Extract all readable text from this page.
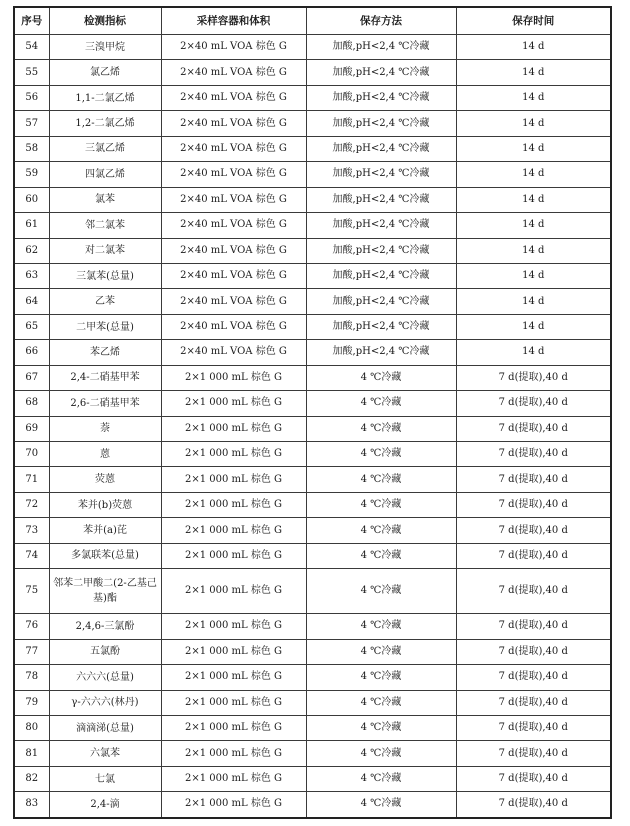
序号	检测指标	采样容器和体积	保存方法	保存时间
54	三溴甲烷	2×40 mL VOA 棕色 G	加酸,pH<2,4 ℃冷藏	14 d
55	氯乙烯	2×40 mL VOA 棕色 G	加酸,pH<2,4 ℃冷藏	14 d
56	1,1-二氯乙烯	2×40 mL VOA 棕色 G	加酸,pH<2,4 ℃冷藏	14 d
57	1,2-二氯乙烯	2×40 mL VOA 棕色 G	加酸,pH<2,4 ℃冷藏	14 d
58	三氯乙烯	2×40 mL VOA 棕色 G	加酸,pH<2,4 ℃冷藏	14 d
59	四氯乙烯	2×40 mL VOA 棕色 G	加酸,pH<2,4 ℃冷藏	14 d
60	氯苯	2×40 mL VOA 棕色 G	加酸,pH<2,4 ℃冷藏	14 d
61	邻二氯苯	2×40 mL VOA 棕色 G	加酸,pH<2,4 ℃冷藏	14 d
62	对二氯苯	2×40 mL VOA 棕色 G	加酸,pH<2,4 ℃冷藏	14 d
63	三氯苯(总量)	2×40 mL VOA 棕色 G	加酸,pH<2,4 ℃冷藏	14 d
64	乙苯	2×40 mL VOA 棕色 G	加酸,pH<2,4 ℃冷藏	14 d
65	二甲苯(总量)	2×40 mL VOA 棕色 G	加酸,pH<2,4 ℃冷藏	14 d
66	苯乙烯	2×40 mL VOA 棕色 G	加酸,pH<2,4 ℃冷藏	14 d
67	2,4-二硝基甲苯	2×1 000 mL 棕色 G	4 ℃冷藏	7 d(提取),40 d
68	2,6-二硝基甲苯	2×1 000 mL 棕色 G	4 ℃冷藏	7 d(提取),40 d
69	萘	2×1 000 mL 棕色 G	4 ℃冷藏	7 d(提取),40 d
70	蒽	2×1 000 mL 棕色 G	4 ℃冷藏	7 d(提取),40 d
71	荧蒽	2×1 000 mL 棕色 G	4 ℃冷藏	7 d(提取),40 d
72	苯并(b)荧蒽	2×1 000 mL 棕色 G	4 ℃冷藏	7 d(提取),40 d
73	苯并(a)芘	2×1 000 mL 棕色 G	4 ℃冷藏	7 d(提取),40 d
74	多氯联苯(总量)	2×1 000 mL 棕色 G	4 ℃冷藏	7 d(提取),40 d
75	邻苯二甲酸二(2-乙基己基)酯	2×1 000 mL 棕色 G	4 ℃冷藏	7 d(提取),40 d
76	2,4,6-三氯酚	2×1 000 mL 棕色 G	4 ℃冷藏	7 d(提取),40 d
77	五氯酚	2×1 000 mL 棕色 G	4 ℃冷藏	7 d(提取),40 d
78	六六六(总量)	2×1 000 mL 棕色 G	4 ℃冷藏	7 d(提取),40 d
79	γ-六六六(林丹)	2×1 000 mL 棕色 G	4 ℃冷藏	7 d(提取),40 d
80	滴滴涕(总量)	2×1 000 mL 棕色 G	4 ℃冷藏	7 d(提取),40 d
81	六氯苯	2×1 000 mL 棕色 G	4 ℃冷藏	7 d(提取),40 d
82	七氯	2×1 000 mL 棕色 G	4 ℃冷藏	7 d(提取),40 d
83	2,4-滴	2×1 000 mL 棕色 G	4 ℃冷藏	7 d(提取),40 d
